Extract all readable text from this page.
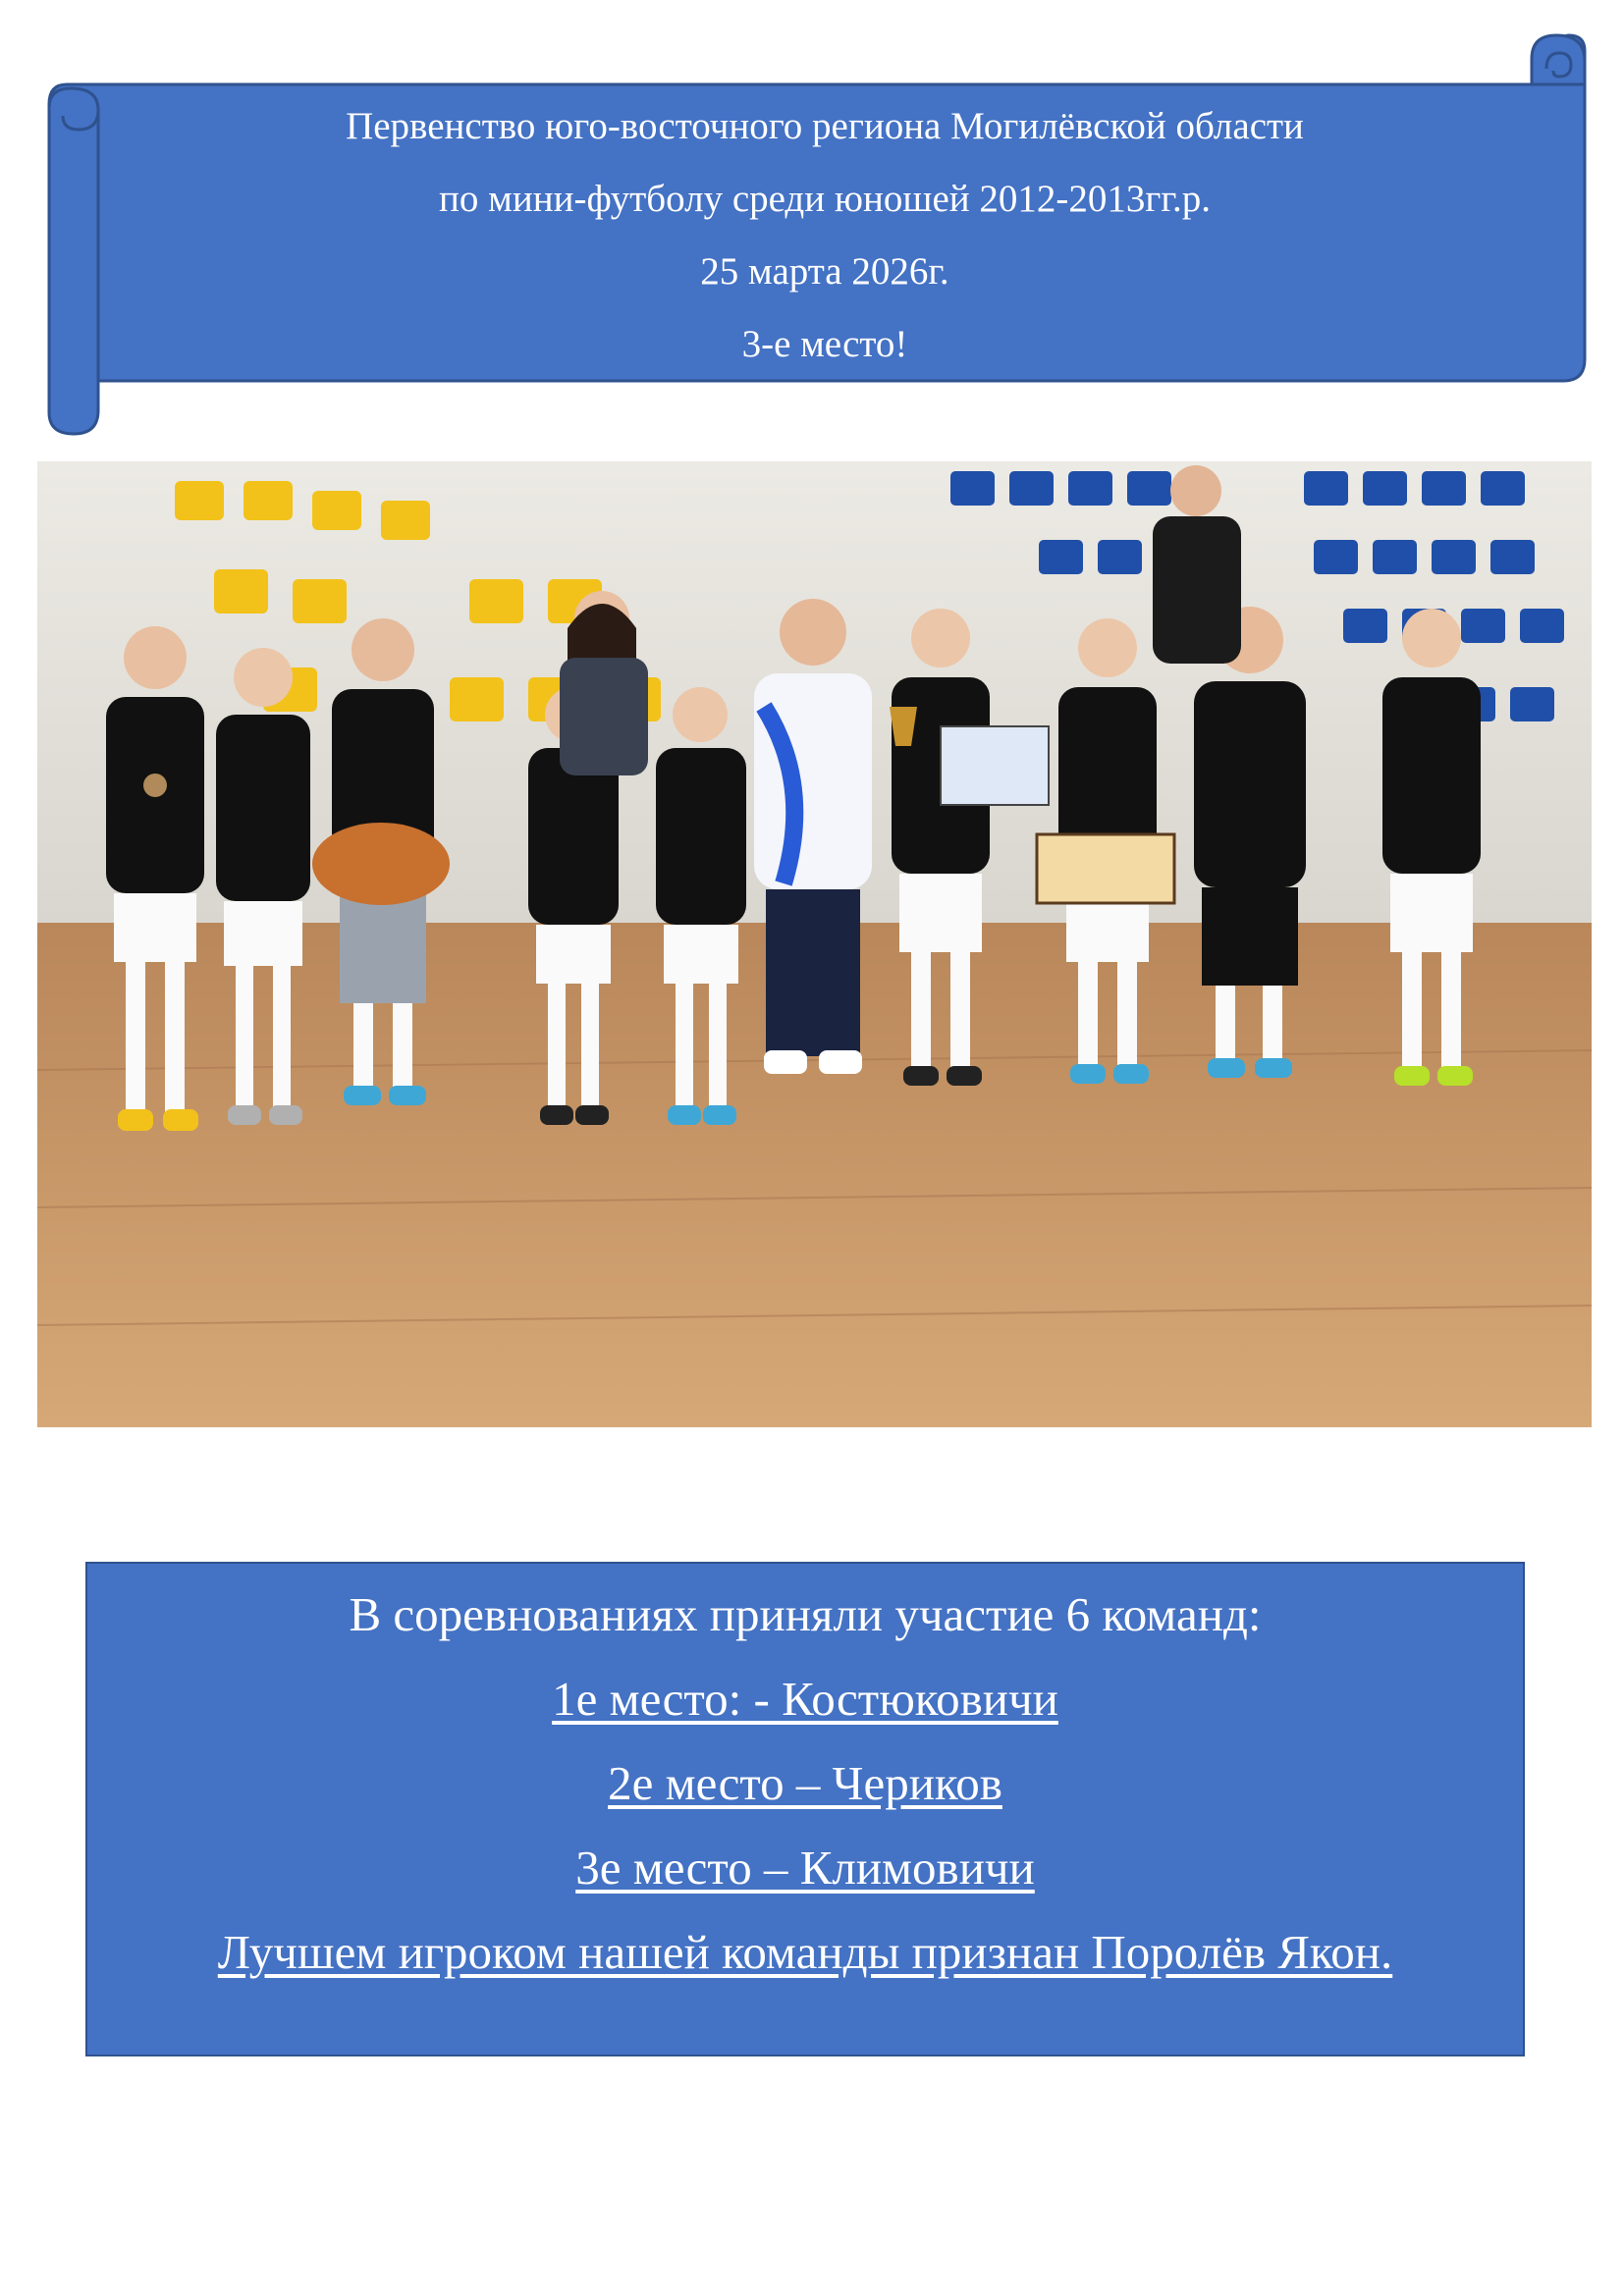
Первенство юго-восточного региона Могилёвской области
по мини-футболу среди юношей 2012-2013гг.р.
25 марта 2026г.
3-е место!
В соревнованиях приняли участие 6 команд:
1е место: - Костюковичи
2е место – Чериков
3е место – Климовичи
Лучшем игроком нашей команды признан Поролёв Якон.
